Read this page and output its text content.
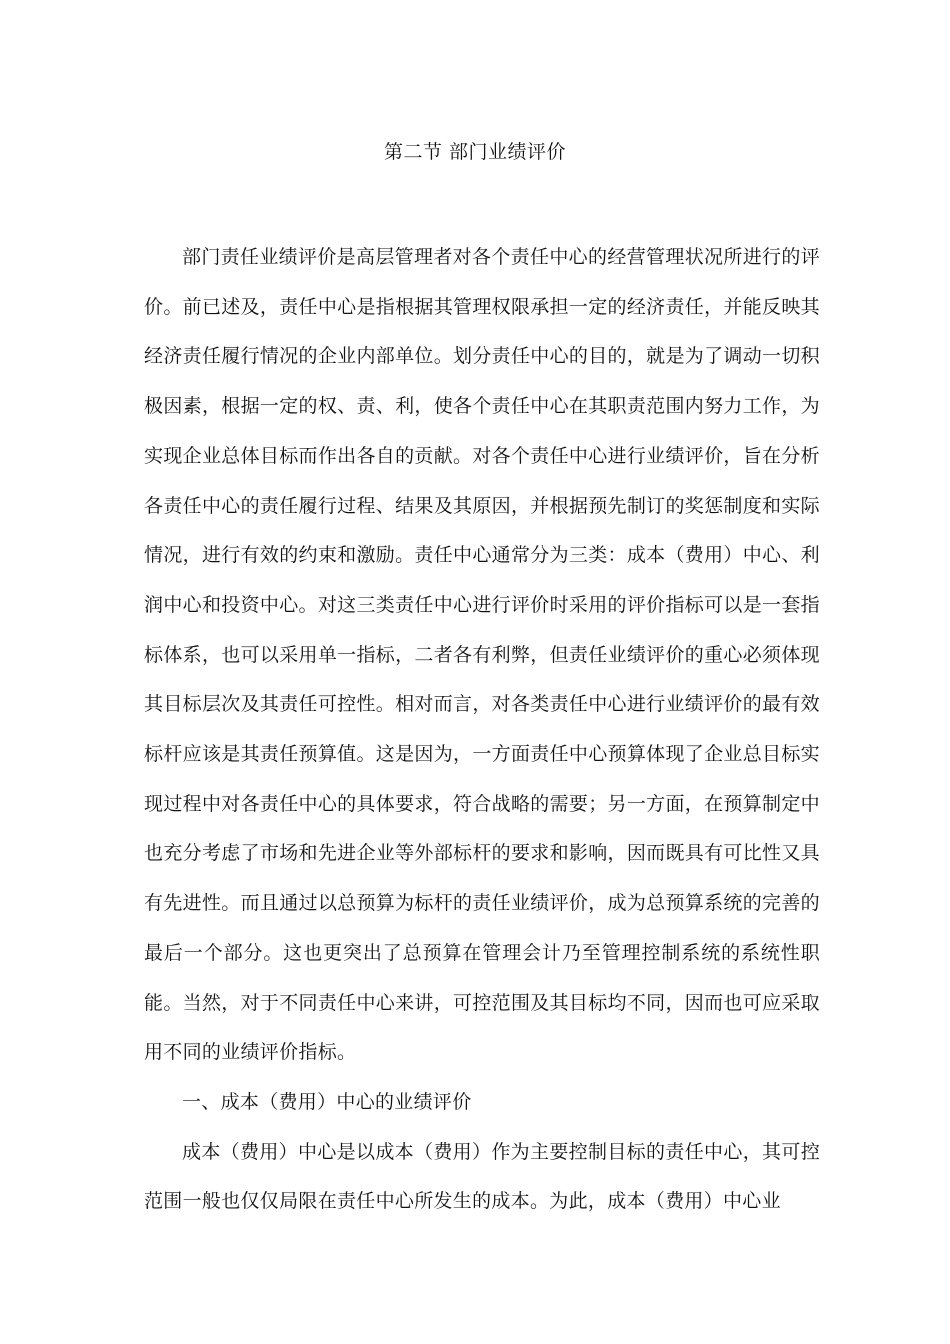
第二节 部门业绩评价

部门责任业绩评价是高层管理者对各个责任中心的经营管理状况所进行的评价。前已述及，责任中心是指根据其管理权限承担一定的经济责任，并能反映其经济责任履行情况的企业内部单位。划分责任中心的目的，就是为了调动一切积极因素，根据一定的权、责、利，使各个责任中心在其职责范围内努力工作，为实现企业总体目标而作出各自的贡献。对各个责任中心进行业绩评价，旨在分析各责任中心的责任履行过程、结果及其原因，并根据预先制订的奖惩制度和实际情况，进行有效的约束和激励。责任中心通常分为三类：成本（费用）中心、利润中心和投资中心。对这三类责任中心进行评价时采用的评价指标可以是一套指标体系，也可以采用单一指标，二者各有利弊，但责任业绩评价的重心必须体现其目标层次及其责任可控性。相对而言，对各类责任中心进行业绩评价的最有效标杆应该是其责任预算值。这是因为，一方面责任中心预算体现了企业总目标实现过程中对各责任中心的具体要求，符合战略的需要；另一方面，在预算制定中也充分考虑了市场和先进企业等外部标杆的要求和影响，因而既具有可比性又具有先进性。而且通过以总预算为标杆的责任业绩评价，成为总预算系统的完善的最后一个部分。这也更突出了总预算在管理会计乃至管理控制系统的系统性职能。当然，对于不同责任中心来讲，可控范围及其目标均不同，因而也可应采取用不同的业绩评价指标。

一、成本（费用）中心的业绩评价

成本（费用）中心是以成本（费用）作为主要控制目标的责任中心，其可控范围一般也仅仅局限在责任中心所发生的成本。为此，成本（费用）中心业
